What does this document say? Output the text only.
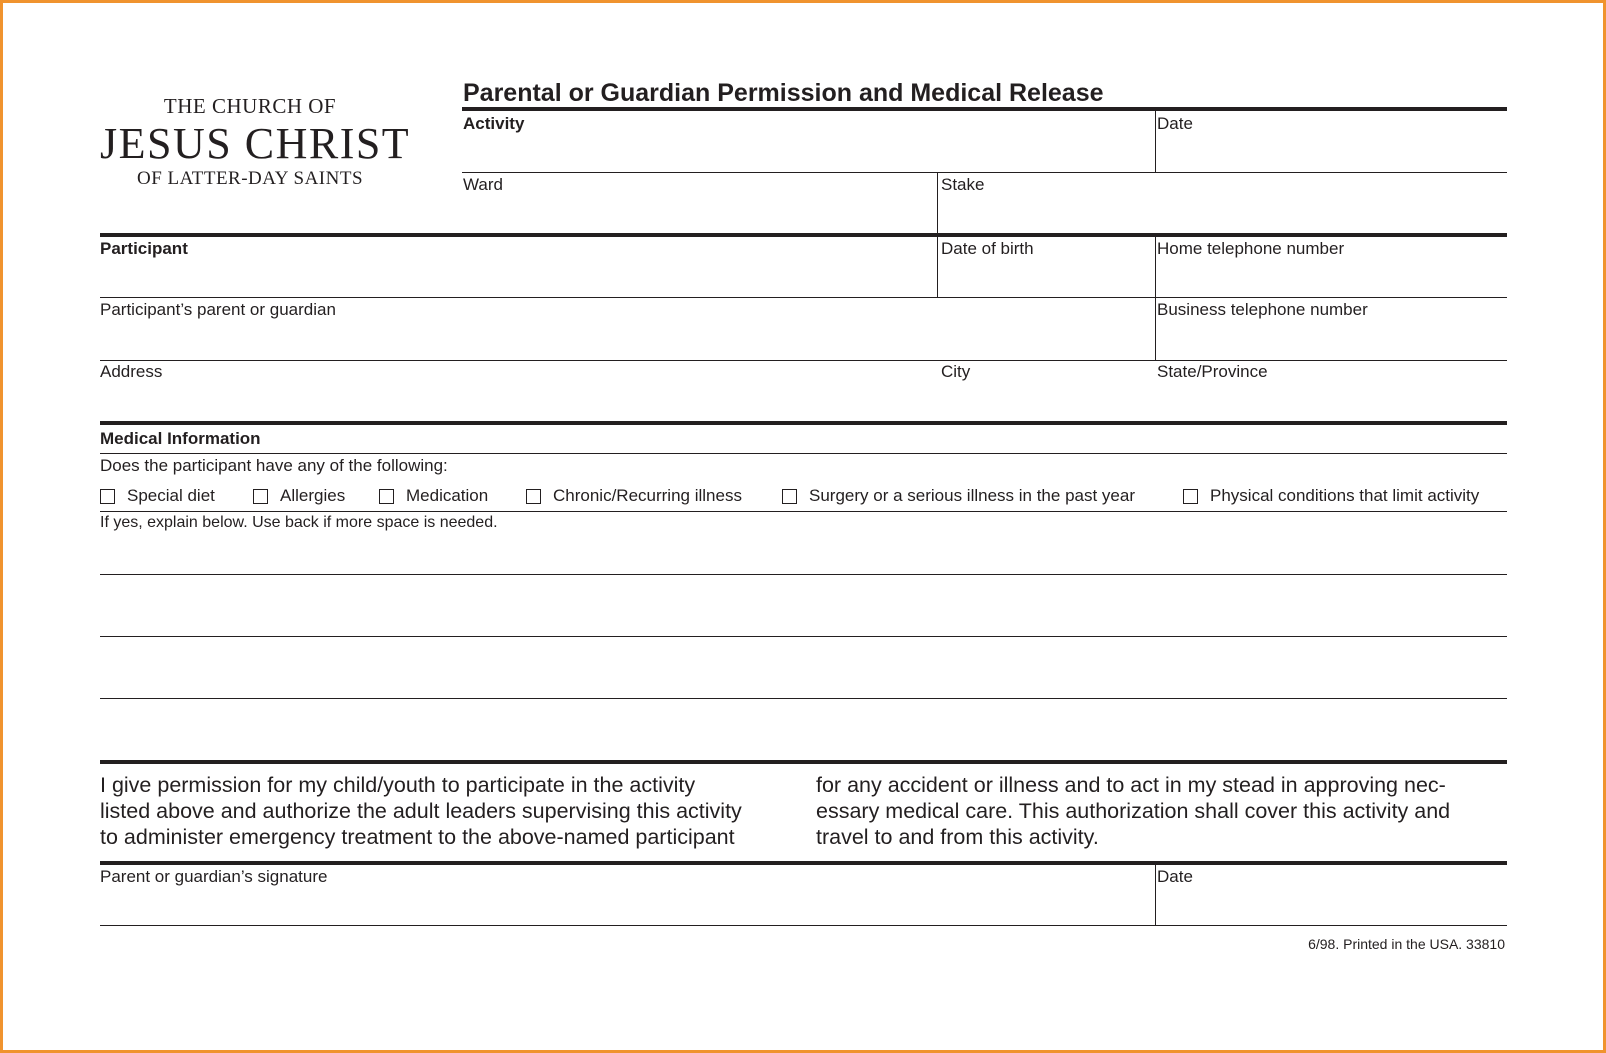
THE CHURCH OF
JESUS CHRIST
OF LATTER-DAY SAINTS
Parental or Guardian Permission and Medical Release
Activity	Date
Ward	Stake
Participant	Date of birth	Home telephone number
Participant’s parent or guardian	Business telephone number
Address	City	State/Province
Medical Information
Does the participant have any of the following:
Special diet	Allergies	Medication	Chronic/Recurring illness	Surgery or a serious illness in the past year	Physical conditions that limit activity
If yes, explain below. Use back if more space is needed.
I give permission for my child/youth to participate in the activity
listed above and authorize the adult leaders supervising this activity
to administer emergency treatment to the above-named participant
for any accident or illness and to act in my stead in approving nec-
essary medical care. This authorization shall cover this activity and
travel to and from this activity.
Parent or guardian’s signature	Date
6/98. Printed in the USA. 33810
